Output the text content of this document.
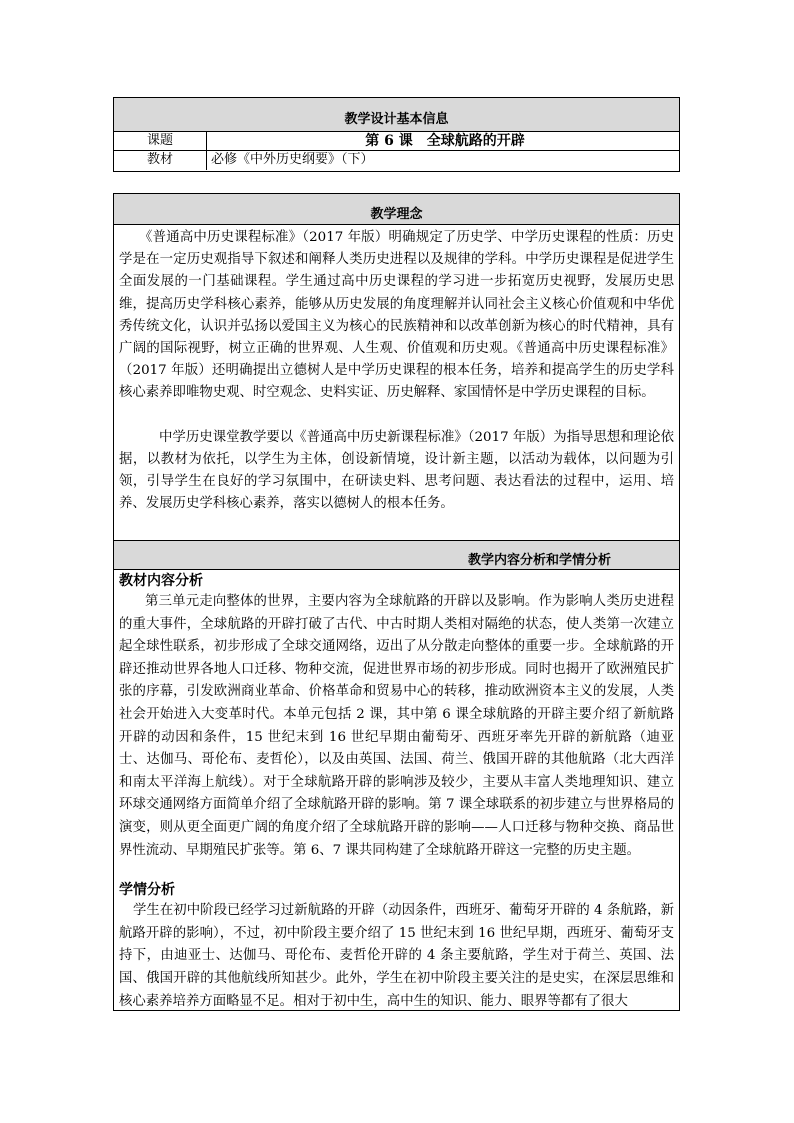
教学设计基本信息
课题	第 6 课　全球航路的开辟
教材	必修《中外历史纲要》（下）
教学理念

《普通高中历史课程标准》（2017 年版）明确规定了历史学、中学历史课程的性质：历史学是在一定历史观指导下叙述和阐释人类历史进程以及规律的学科。中学历史课程是促进学生全面发展的一门基础课程。学生通过高中历史课程的学习进一步拓宽历史视野，发展历史思维，提高历史学科核心素养，能够从历史发展的角度理解并认同社会主义核心价值观和中华优秀传统文化，认识并弘扬以爱国主义为核心的民族精神和以改革创新为核心的时代精神，具有广阔的国际视野，树立正确的世界观、人生观、价值观和历史观。《普通高中历史课程标准》（2017 年版）还明确提出立德树人是中学历史课程的根本任务，培养和提高学生的历史学科核心素养即唯物史观、时空观念、史料实证、历史解释、家国情怀是中学历史课程的目标。

中学历史课堂教学要以《普通高中历史新课程标准》（2017 年版）为指导思想和理论依据，以教材为依托，以学生为主体，创设新情境，设计新主题，以活动为载体，以问题为引领，引导学生在良好的学习氛围中，在研读史料、思考问题、表达看法的过程中，运用、培养、发展历史学科核心素养，落实以德树人的根本任务。

教学内容分析和学情分析

教材内容分析

第三单元走向整体的世界，主要内容为全球航路的开辟以及影响。作为影响人类历史进程的重大事件，全球航路的开辟打破了古代、中古时期人类相对隔绝的状态，使人类第一次建立起全球性联系，初步形成了全球交通网络，迈出了从分散走向整体的重要一步。全球航路的开辟还推动世界各地人口迁移、物种交流，促进世界市场的初步形成。同时也揭开了欧洲殖民扩张的序幕，引发欧洲商业革命、价格革命和贸易中心的转移，推动欧洲资本主义的发展，人类社会开始进入大变革时代。本单元包括 2 课，其中第 6 课全球航路的开辟主要介绍了新航路开辟的动因和条件，15 世纪末到 16 世纪早期由葡萄牙、西班牙率先开辟的新航路（迪亚士、达伽马、哥伦布、麦哲伦），以及由英国、法国、荷兰、俄国开辟的其他航路（北大西洋和南太平洋海上航线）。对于全球航路开辟的影响涉及较少，主要从丰富人类地理知识、建立环球交通网络方面简单介绍了全球航路开辟的影响。第 7 课全球联系的初步建立与世界格局的演变，则从更全面更广阔的角度介绍了全球航路开辟的影响——人口迁移与物种交换、商品世界性流动、早期殖民扩张等。第 6、7 课共同构建了全球航路开辟这一完整的历史主题。

学情分析

学生在初中阶段已经学习过新航路的开辟（动因条件，西班牙、葡萄牙开辟的 4 条航路，新航路开辟的影响），不过，初中阶段主要介绍了 15 世纪末到 16 世纪早期，西班牙、葡萄牙支持下，由迪亚士、达伽马、哥伦布、麦哲伦开辟的 4 条主要航路，学生对于荷兰、英国、法国、俄国开辟的其他航线所知甚少。此外，学生在初中阶段主要关注的是史实，在深层思维和核心素养培养方面略显不足。相对于初中生，高中生的知识、能力、眼界等都有了很大
